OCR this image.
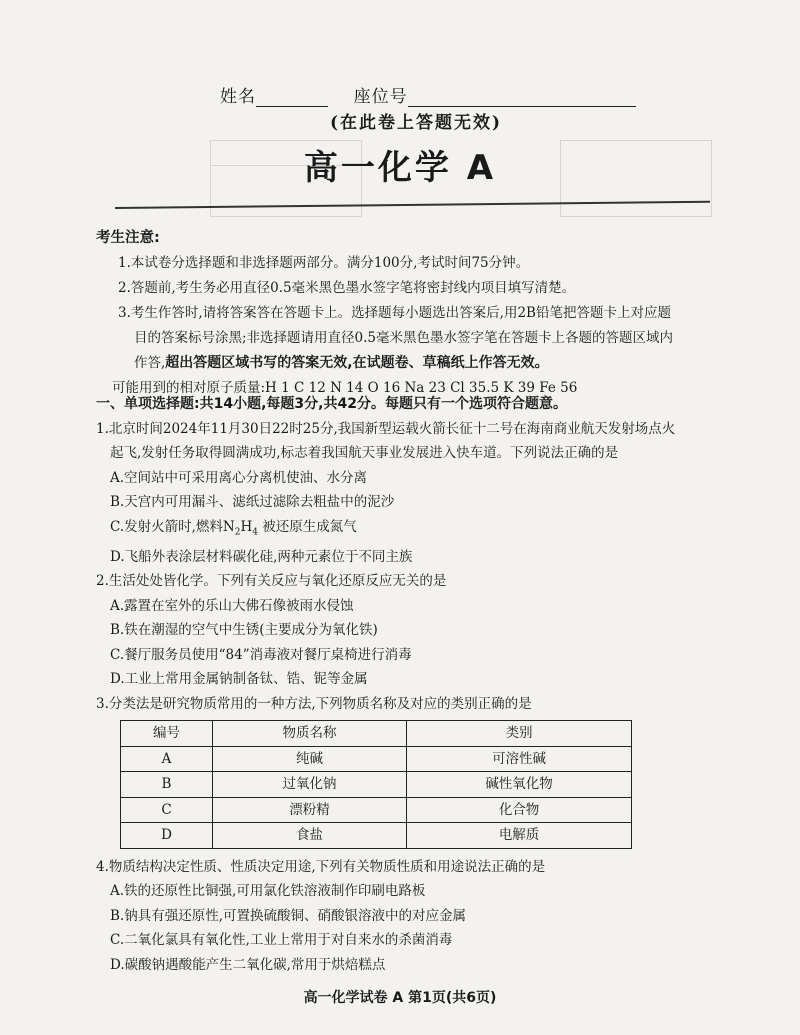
姓名	座位号
(在此卷上答题无效)
高一化学 A
考生注意:

1.本试卷分选择题和非选择题两部分。满分100分,考试时间75分钟。

2.答题前,考生务必用直径0.5毫米黑色墨水签字笔将密封线内项目填写清楚。

3.考生作答时,请将答案答在答题卡上。选择题每小题选出答案后,用2B铅笔把答题卡上对应题

目的答案标号涂黑;非选择题请用直径0.5毫米黑色墨水签字笔在答题卡上各题的答题区域内

作答,超出答题区域书写的答案无效,在试题卷、草稿纸上作答无效。

可能用到的相对原子质量:H 1 C 12 N 14 O 16 Na 23 Cl 35.5 K 39 Fe 56

一、单项选择题:共14小题,每题3分,共42分。每题只有一个选项符合题意。

1.北京时间2024年11月30日22时25分,我国新型运载火箭长征十二号在海南商业航天发射场点火

起飞,发射任务取得圆满成功,标志着我国航天事业发展进入快车道。下列说法正确的是

A.空间站中可采用离心分离机使油、水分离

B.天宫内可用漏斗、滤纸过滤除去粗盐中的泥沙

C.发射火箭时,燃料$N_2H_4$ 被还原生成氮气

D.飞船外表涂层材料碳化硅,两种元素位于不同主族

2.生活处处皆化学。下列有关反应与氧化还原反应无关的是

A.露置在室外的乐山大佛石像被雨水侵蚀

B.铁在潮湿的空气中生锈(主要成分为氧化铁)

C.餐厅服务员使用“84”消毒液对餐厅桌椅进行消毒

D.工业上常用金属钠制备钛、锆、铌等金属

3.分类法是研究物质常用的一种方法,下列物质名称及对应的类别正确的是

编号	物质名称	类别
A	纯碱	可溶性碱
B	过氧化钠	碱性氧化物
C	漂粉精	化合物
D	食盐	电解质

4.物质结构决定性质、性质决定用途,下列有关物质性质和用途说法正确的是

A.铁的还原性比铜强,可用氯化铁溶液制作印刷电路板

B.钠具有强还原性,可置换硫酸铜、硝酸银溶液中的对应金属

C.二氧化氯具有氧化性,工业上常用于对自来水的杀菌消毒

D.碳酸钠遇酸能产生二氧化碳,常用于烘焙糕点

高一化学试卷 A 第1页(共6页)
